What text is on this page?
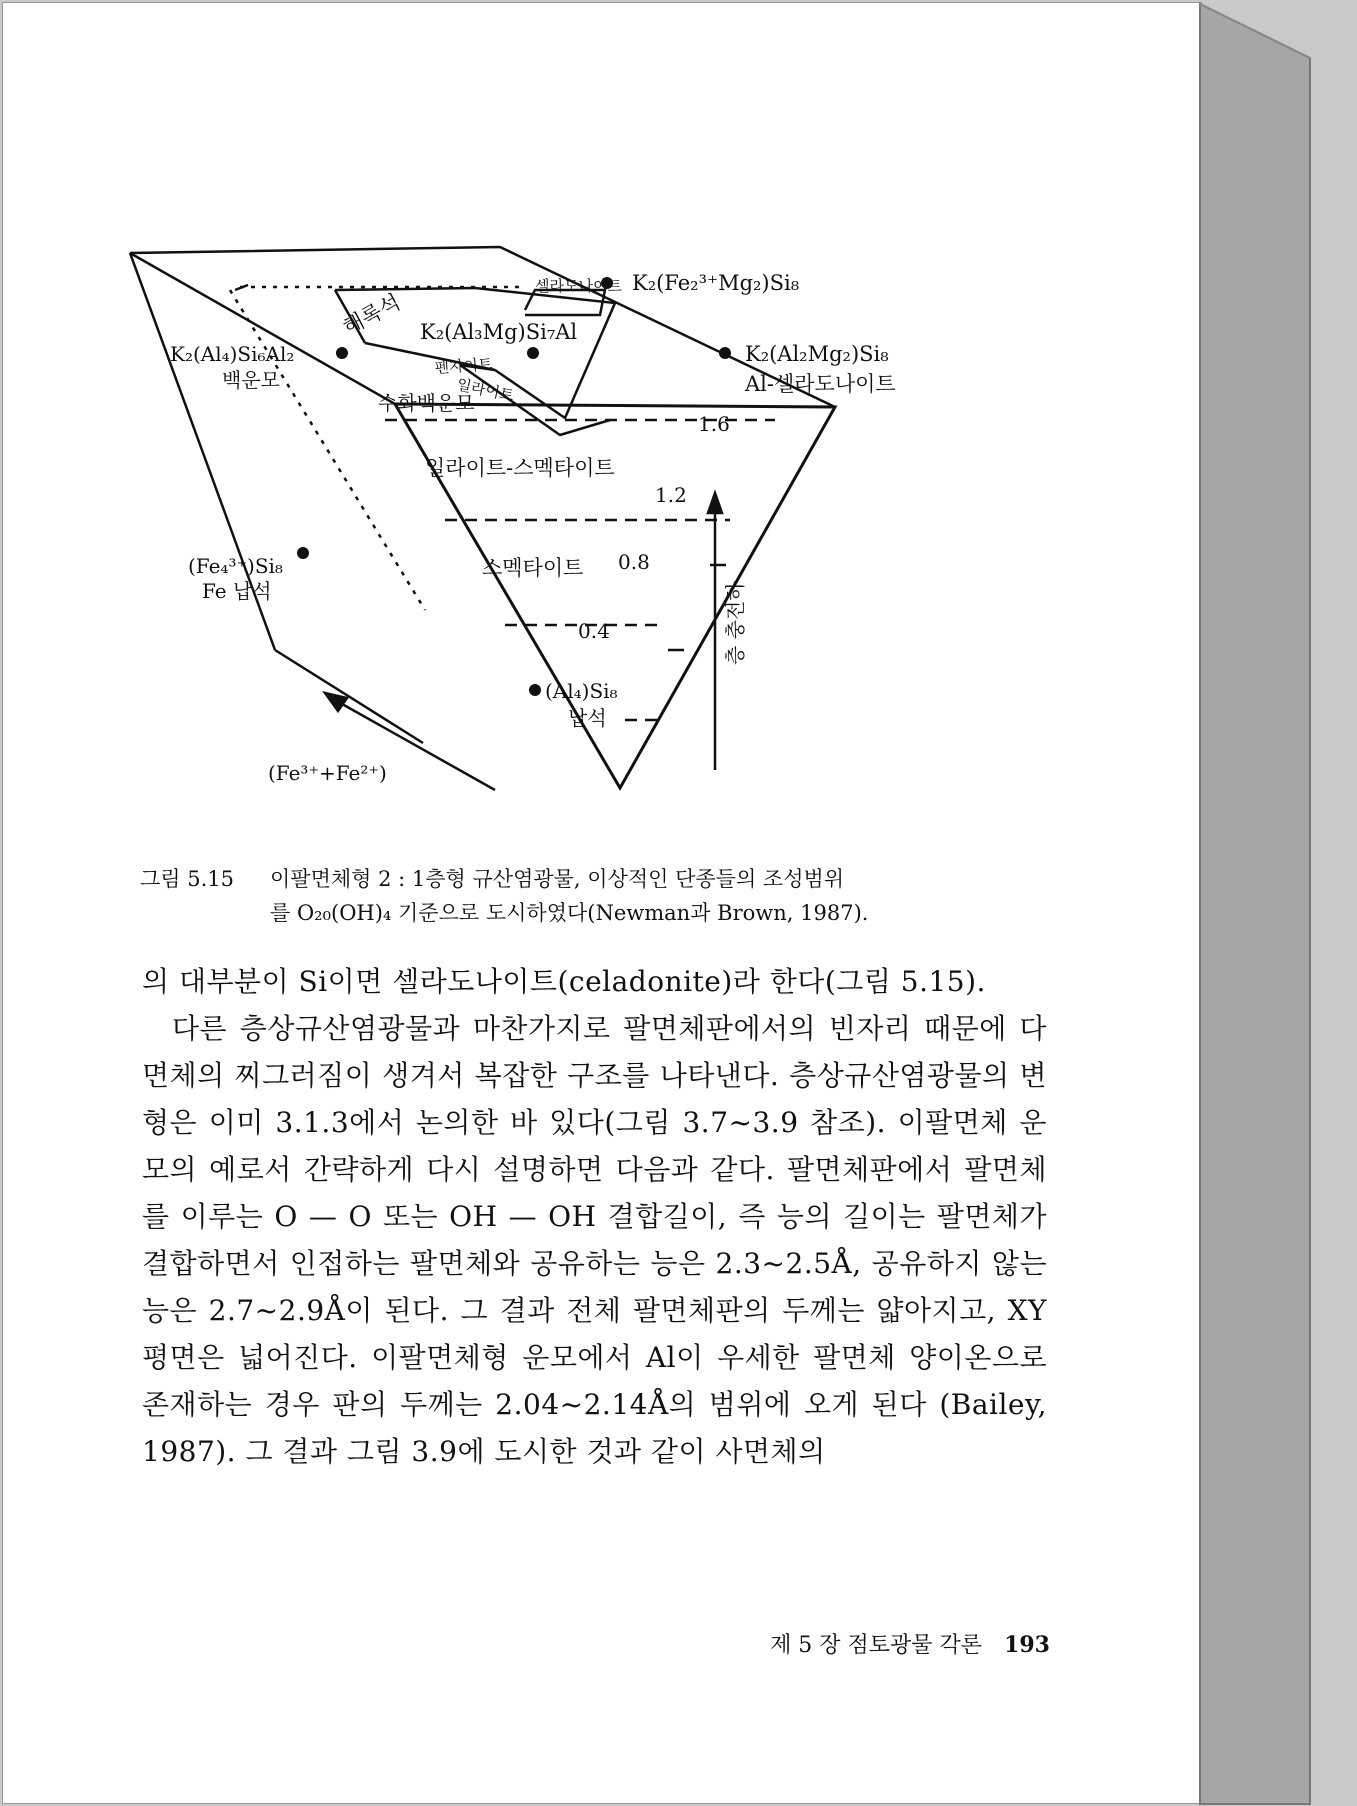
셀라도나이트 K₂(Fe₂³⁺Mg₂)Si₈
해록석 K₂(Al₃Mg)Si₇Al
K₂(Al₄)Si₆Al₂
백운모
펜자이트
일라이트
수화백운모
K₂(Al₂Mg₂)Si₈
Al-셀라도나이트
일라이트-스멕타이트
스멕타이트
(Fe₄³⁺)Si₈
Fe 납석
(Fe³⁺+Fe²⁺)
(Al₄)Si₈
납석
층 충전하
1.6
1.2
0.8
0.4
그림 5.15 이팔면체형 2 : 1층형 규산염광물, 이상적인 단종들의 조성범위
를 O₂₀(OH)₄ 기준으로 도시하였다(Newman과 Brown, 1987).

의 대부분이 Si이면 셀라도나이트(celadonite)라 한다(그림 5.15).

다른 층상규산염광물과 마찬가지로 팔면체판에서의 빈자리 때문에 다면체의 찌그러짐이 생겨서 복잡한 구조를 나타낸다. 층상규산염광물의 변형은 이미 3.1.3에서 논의한 바 있다(그림 3.7~3.9 참조). 이팔면체 운모의 예로서 간략하게 다시 설명하면 다음과 같다. 팔면체판에서 팔면체를 이루는 O — O 또는 OH — OH 결합길이, 즉 능의 길이는 팔면체가 결합하면서 인접하는 팔면체와 공유하는 능은 2.3~2.5Å, 공유하지 않는 능은 2.7~2.9Å이 된다. 그 결과 전체 팔면체판의 두께는 얇아지고, XY평면은 넓어진다. 이팔면체형 운모에서 Al이 우세한 팔면체 양이온으로 존재하는 경우 판의 두께는 2.04~2.14Å의 범위에 오게 된다 (Bailey, 1987). 그 결과 그림 3.9에 도시한 것과 같이 사면체의

제 5 장 점토광물 각론 193
